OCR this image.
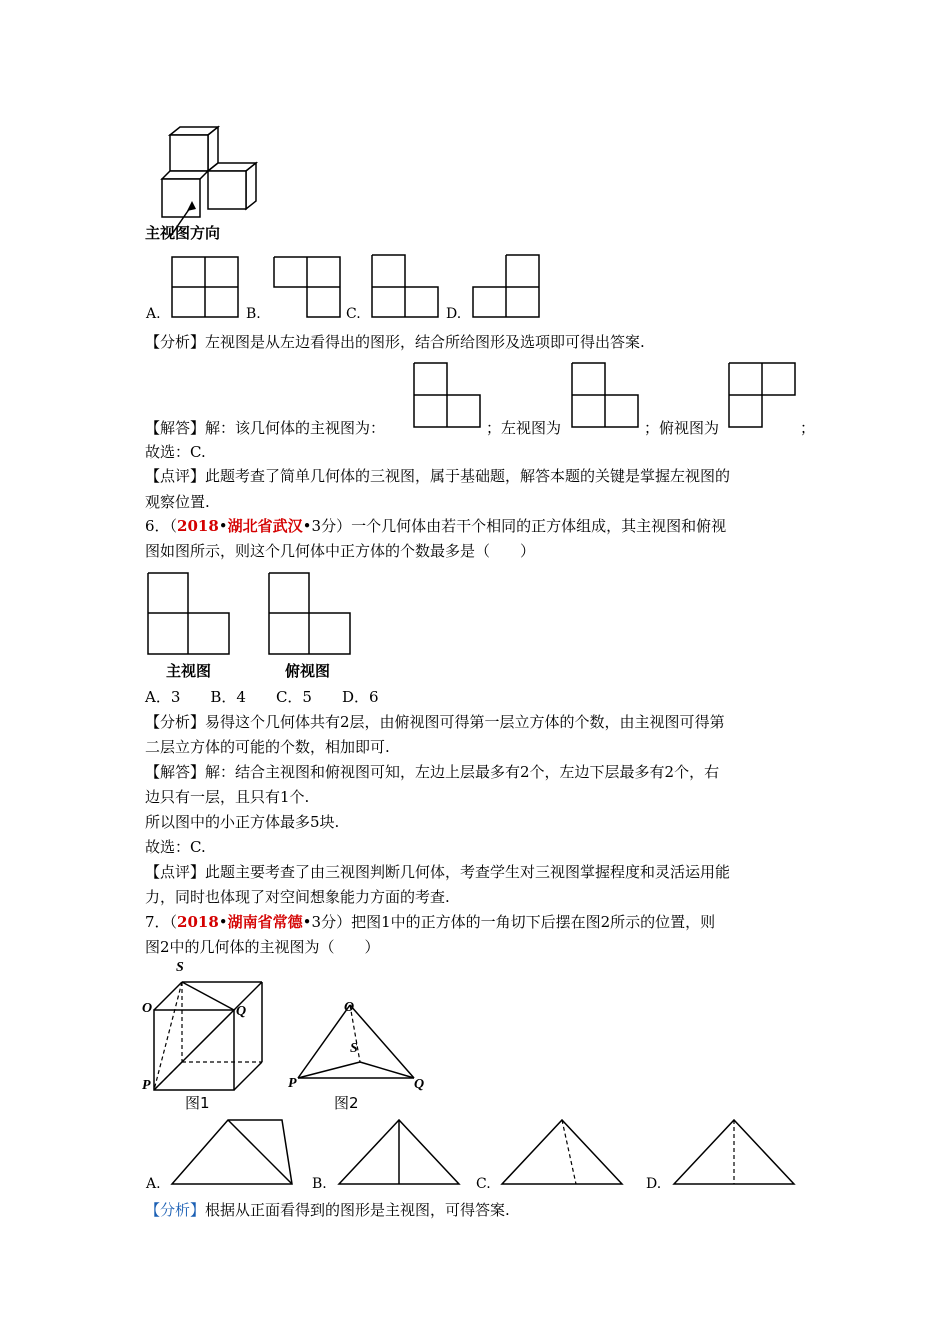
主视图方向
A.	B.	C.	D.
【分析】左视图是从左边看得出的图形，结合所给图形及选项即可得出答案.
【解答】解：该几何体的主视图为：	；左视图为	；俯视图为	；
故选：C.
【点评】此题考查了简单几何体的三视图，属于基础题，解答本题的关键是掌握左视图的
观察位置.
6．（2018•湖北省武汉•3分）一个几何体由若干个相同的正方体组成，其主视图和俯视
图如图所示，则这个几何体中正方体的个数最多是（　　）
主视图	俯视图
A．3　　B．4　　C．5　　D．6
【分析】易得这个几何体共有2层，由俯视图可得第一层立方体的个数，由主视图可得第
二层立方体的可能的个数，相加即可.
【解答】解：结合主视图和俯视图可知，左边上层最多有2个，左边下层最多有2个，右
边只有一层，且只有1个.
所以图中的小正方体最多5块.
故选：C.
【点评】此题主要考查了由三视图判断几何体，考查学生对三视图掌握程度和灵活运用能
力，同时也体现了对空间想象能力方面的考查.
7．（2018•湖南省常德•3分）把图1中的正方体的一角切下后摆在图2所示的位置，则
图2中的几何体的主视图为（　　）
S
O	Q
P
图1
O
S
P	Q
图2
A.	B.	C.	D.
【分析】根据从正面看得到的图形是主视图，可得答案.
